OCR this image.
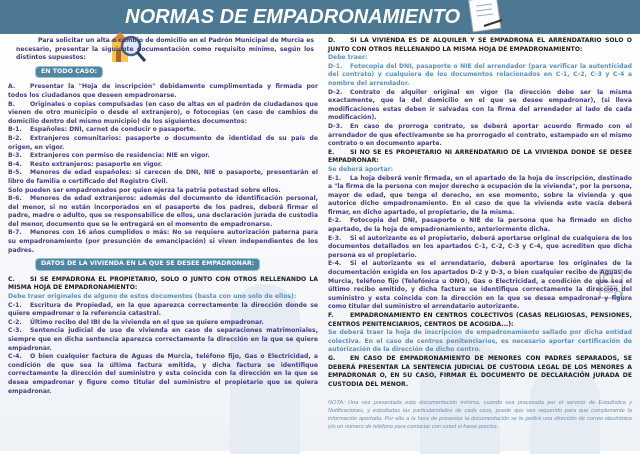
NORMAS DE EMPADRONAMIENTO

Para solicitar un alta o cambio de domicilio en el Padrón Municipal de Murcia es necesario, presentar la siguiente documentación como requisito mínimo, según los distintos supuestos:

EN TODO CASO:

A. Presentar la "Hoja de inscripción" debidamente cumplimentada y firmada por todos los ciudadanos que deseen empadronarse.

B. Originales o copias compulsadas (en caso de altas en el padrón de ciudadanos que vienen de otro municipio o desde el extranjero), o fotocopias (en caso de cambios de domicilio dentro del mismo municipio) de los siguientes documentos:

B-1. Españoles: DNI, carnet de conducir o pasaporte.

B-2. Extranjeros comunitarios: pasaporte o documento de identidad de su país de origen, en vigor.

B-3. Extranjeros con permiso de residencia: NIE en vigor.

B-4. Resto extranjeros: pasaporte en vigor.

B-5. Menores de edad españoles: si carecen de DNI, NIE o pasaporte, presentarán el libro de familia o certificado del Registro Civil.

Solo pueden ser empadronados por quien ejerza la patria potestad sobre ellos.

B-6. Menores de edad extranjeros: además del documento de identificación personal, del menor, si no están incorporados en el pasaporte de los padres, deberá firmar el padre, madre o adulto, que se responsabilice de ellos, una declaración jurada de custodia del menor, documento que se le entregará en el momento de empadronarse.

B-7. Menores con 16 años cumplidos o más: No se requiere autorización paterna para su empadronamiento (por presunción de emancipación) si viven independientes de los padres.

DATOS DE LA VIVIENDA EN LA QUE SE DESEE EMPADRONAR:

C. SI SE EMPADRONA EL PROPIETARIO, SOLO O JUNTO CON OTROS RELLENANDO LA MISMA HOJA DE EMPADRONAMIENTO:

Debe traer originales de alguno de estos documentos (basta con uno solo de ellos):

C-1. Escritura de Propiedad, en la que aparezca correctamente la dirección donde se quiere empadronar o la referencia catastral.

C-2. Último recibo del IBI de la vivienda en el que se quiere empadronar.

C-3. Sentencia judicial de uso de vivienda en caso de separaciones matrimoniales, siempre que en dicha sentencia aparezca correctamente la dirección en la que se quiere empadronar.

C-4. O bien cualquier factura de Aguas de Murcia, teléfono fijo, Gas o Electricidad, a condición de que sea la última factura emitida, y dicha factura se identifique correctamente la dirección del suministro y esta coincida con la dirección en la que se desea empadronar y figure como titular del suministro el propietario que se quiera empadronar.

D. SI LA VIVIENDA ES DE ALQUILER Y SE EMPADRONA EL ARRENDATARIO SOLO O JUNTO CON OTROS RELLENANDO LA MISMA HOJA DE EMPADRONAMIENTO:

Debe traer:

D-1. Fotocopia del DNI, pasaporte o NIE del arrendador (para verificar la autenticidad del contrato) y cualquiera de los documentos relacionados en C-1, C-2, C-3 y C-4 a nombre del arrendador.

D-2. Contrato de alquiler original en vigor (la dirección debe ser la misma exactamente, que la del domicilio en el que se desee empadronar), (si lleva modificaciones estas deben ir salvadas con la firma del arrendador al lado de cada modificación).

D-3. En caso de prorroga contrato, se deberá aportar acuerdo firmado con el arrendador de que efectivamente se ha prorrogado el contrato, estampado en el mismo contrato o en documento aparte.

E.	SI NO SE ES PROPIETARIO NI ARRENDATARIO DE LA VIVIENDA DONDE SE DESEE EMPADRONAR:

Se deberá aportar:

E-1. La hoja deberá venir firmada, en el apartado de la hoja de inscripción, destinado a "la firma de la persona con mejor derecho a ocupación de la vivienda", por la persona, mayor de edad, que tenga el derecho, en ese momento, sobre la vivienda y que autorice dicho empadronamiento. En el caso de que la vivienda este vacía deberá firmar, en dicho apartado, el propietario, de la misma.

E-2. Fotocopia del DNI, pasaporte o NIE de la persona que ha firmado en dicho apartado, de la hoja de empadronamiento, anteriormente dicha.

E-3. Si el autorizante es el propietario, deberá aportarse original de cualquiera de los documentos detallados en los apartados C-1, C-2, C-3 y C-4, que acrediten que dicha persona es el propietario.

E-4. Si el autorizante es el arrendatario, deberá aportarse los originales de la documentación exigida en los apartados D-2 y D-3, o bien cualquier recibo de Aguas de Murcia, teléfono fijo (Telefónica u ONO), Gas o Electricidad, a condición de que sea el último recibo emitido, y dicha factura se identifique correctamente la dirección del suministro y esta coincida con la dirección en la que se desea empadronar y figure como titular del suministro el arrendatario autorizante.

F.	EMPADRONAMIENTO EN CENTROS COLECTIVOS (CASAS RELIGIOSAS, PENSIONES, CENTROS PENITENCIARIOS, CENTROS DE ACOGIDA...):

Se deberá traer la hoja de inscripción de empadronamiento sellado por dicha entidad colectiva. En el caso de centros penitenciarios, es necesario aportar certificación de autorización de la dirección de dicho centro.

G. EN CASO DE EMPADRONAMIENTO DE MENORES CON PADRES SEPARADOS, SE DEBERÁ PRESENTAR LA SENTENCIA JUDICIAL DE CUSTODIA LEGAL DE LOS MENORES A EMPADRONAR O, EN SU CASO, FIRMAR EL DOCUMENTO DE DECLARACIÓN JURADA DE CUSTODIA DEL MENOR.

NOTA: Una vez presentada esta documentación mínima, cuando sea procesada por el servicio de Estadística y Notificaciones, y estudiadas las particularidades de cada caso, puede que sea requerido para que complemente la información aportada. Por ello a la hora de presentar la documentación se le pedirá una dirección de correo electrónico y/o un número de teléfono para contactar con usted si fuese preciso.
